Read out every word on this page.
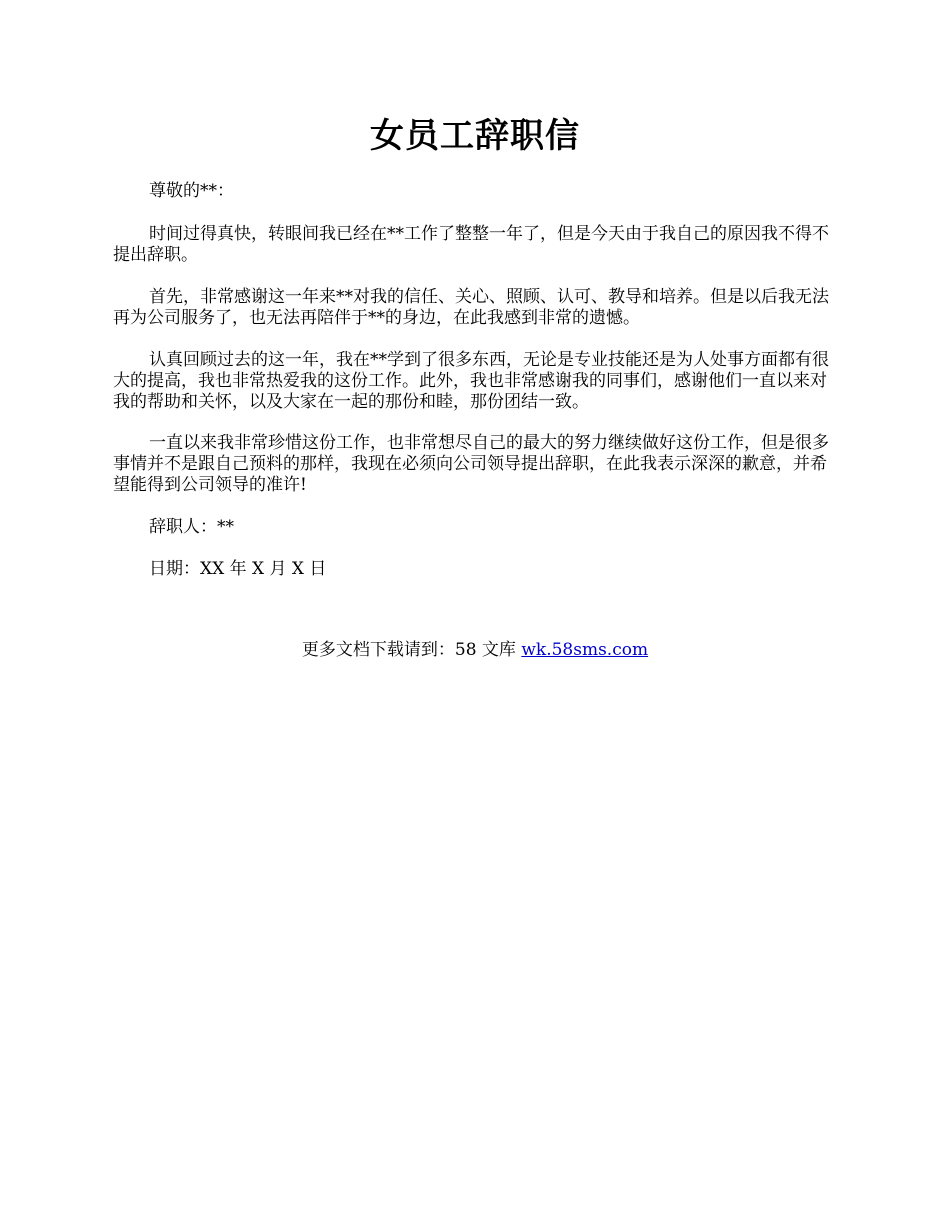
女员工辞职信

尊敬的**：

时间过得真快，转眼间我已经在**工作了整整一年了，但是今天由于我自己的原因我不得不提出辞职。

首先，非常感谢这一年来**对我的信任、关心、照顾、认可、教导和培养。但是以后我无法再为公司服务了，也无法再陪伴于**的身边，在此我感到非常的遗憾。

认真回顾过去的这一年，我在**学到了很多东西，无论是专业技能还是为人处事方面都有很大的提高，我也非常热爱我的这份工作。此外，我也非常感谢我的同事们，感谢他们一直以来对我的帮助和关怀，以及大家在一起的那份和睦，那份团结一致。

一直以来我非常珍惜这份工作，也非常想尽自己的最大的努力继续做好这份工作，但是很多事情并不是跟自己预料的那样，我现在必须向公司领导提出辞职，在此我表示深深的歉意，并希望能得到公司领导的准许!

辞职人：**

日期：XX 年 X 月 X 日

更多文档下载请到：58 文库 wk.58sms.com
